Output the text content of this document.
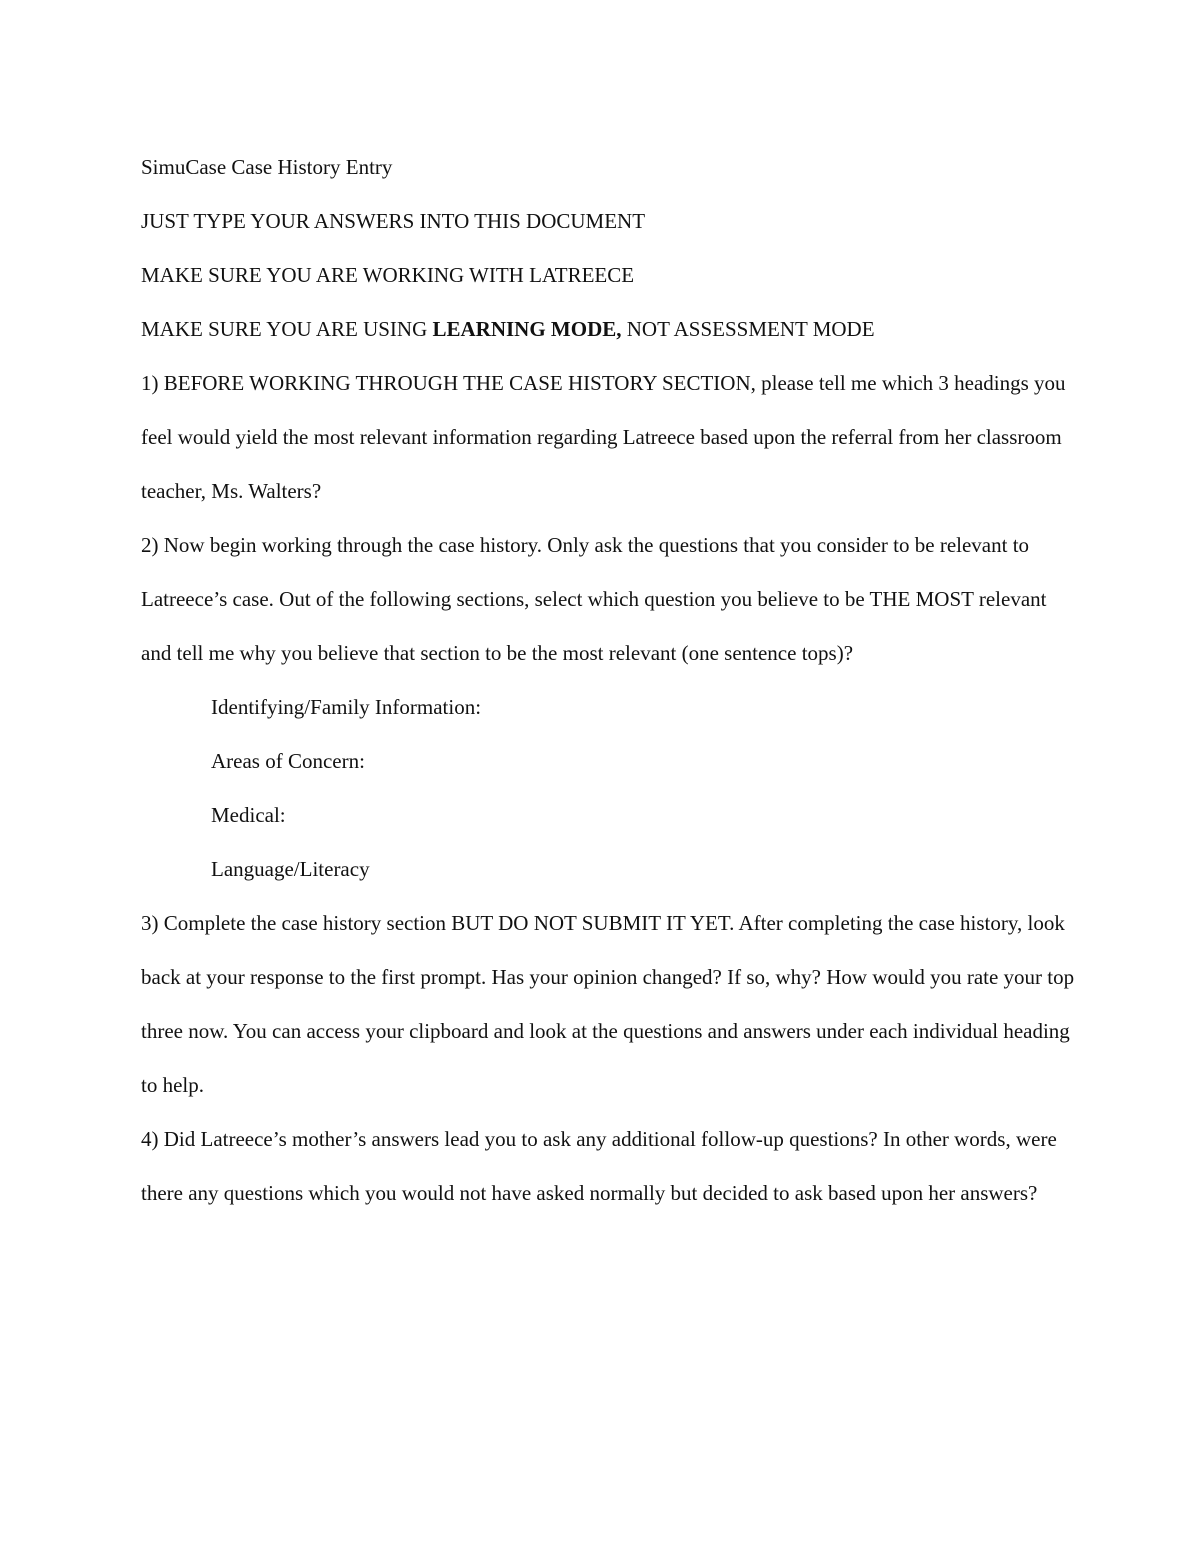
SimuCase Case History Entry

JUST TYPE YOUR ANSWERS INTO THIS DOCUMENT

MAKE SURE YOU ARE WORKING WITH LATREECE

MAKE SURE YOU ARE USING LEARNING MODE, NOT ASSESSMENT MODE

1) BEFORE WORKING THROUGH THE CASE HISTORY SECTION, please tell me which 3 headings you feel would yield the most relevant information regarding Latreece based upon the referral from her classroom teacher, Ms. Walters?

2) Now begin working through the case history. Only ask the questions that you consider to be relevant to Latreece’s case. Out of the following sections, select which question you believe to be THE MOST relevant and tell me why you believe that section to be the most relevant (one sentence tops)?

Identifying/Family Information:

Areas of Concern:

Medical:

Language/Literacy

3) Complete the case history section BUT DO NOT SUBMIT IT YET. After completing the case history, look back at your response to the first prompt. Has your opinion changed? If so, why? How would you rate your top three now. You can access your clipboard and look at the questions and answers under each individual heading to help.

4) Did Latreece’s mother’s answers lead you to ask any additional follow-up questions? In other words, were there any questions which you would not have asked normally but decided to ask based upon her answers?
